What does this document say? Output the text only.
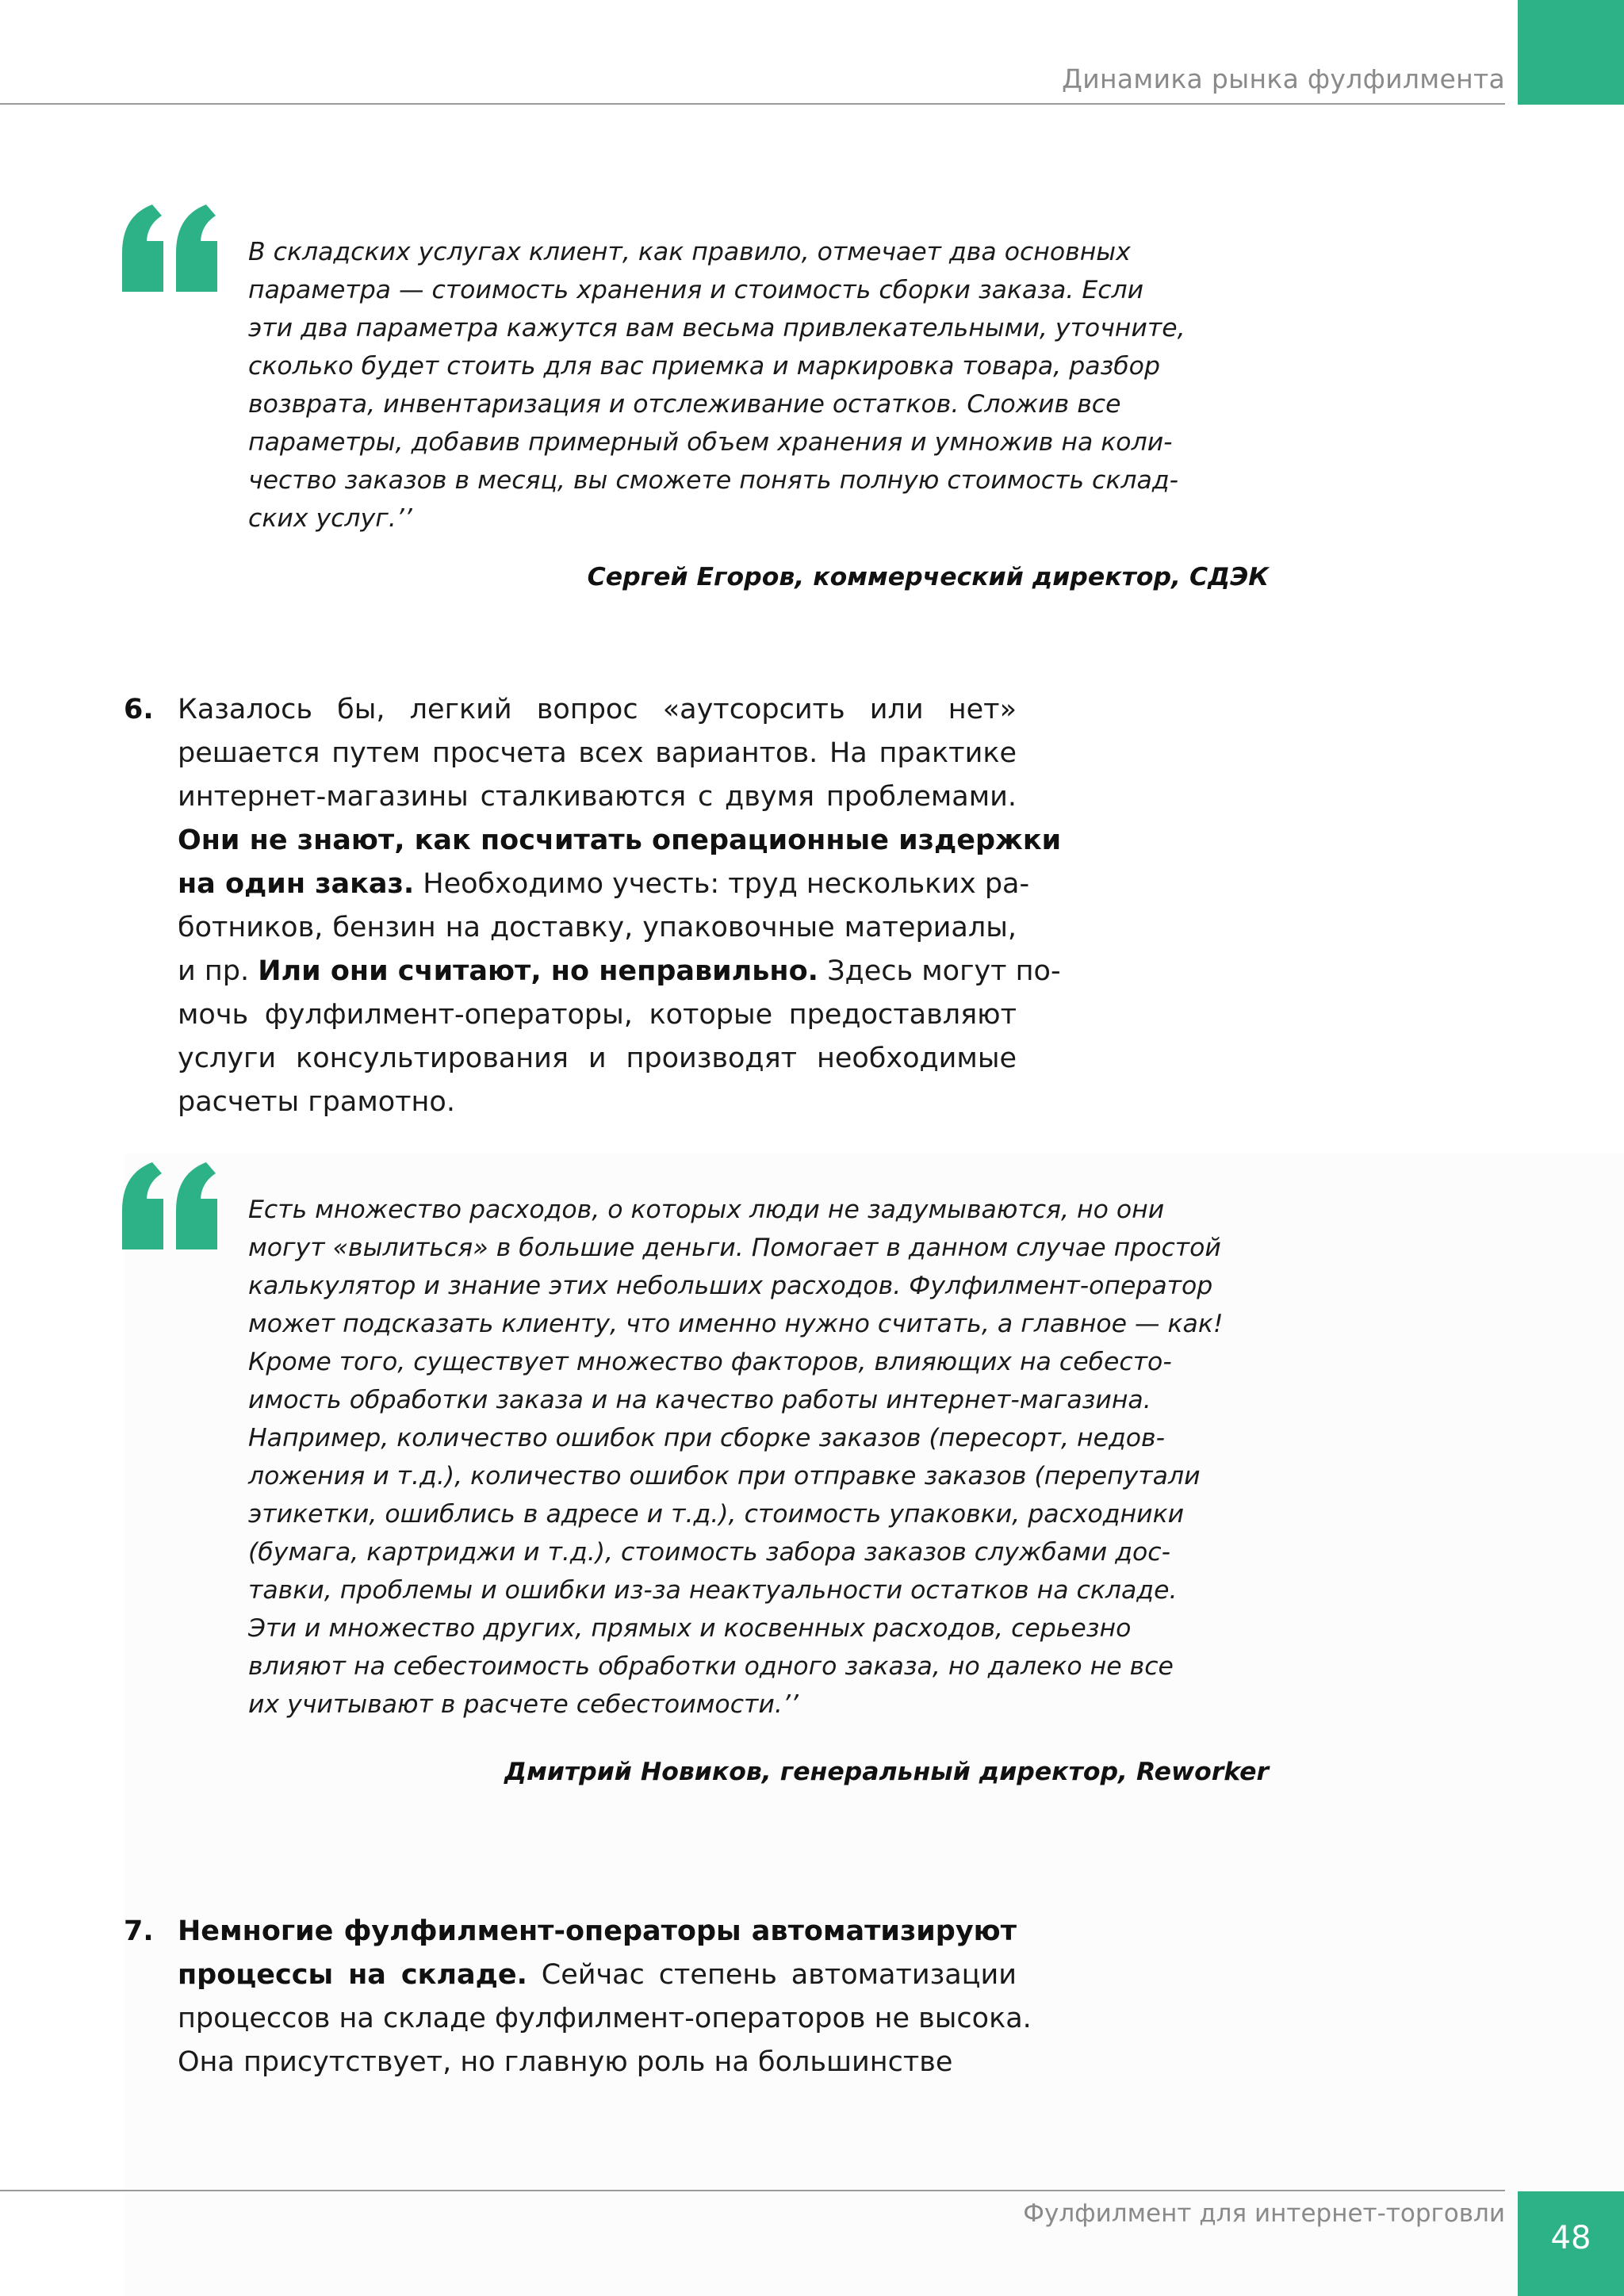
Динамика рынка фулфилмента
В складских услугах клиент, как правило, отмечает два основных
параметра — стоимость хранения и стоимость сборки заказа. Если
эти два параметра кажутся вам весьма привлекательными, уточните,
сколько будет стоить для вас приемка и маркировка товара, разбор
возврата, инвентаризация и отслеживание остатков. Сложив все
параметры, добавив примерный объем хранения и умножив на коли-
чество заказов в месяц, вы сможете понять полную стоимость склад-
ских услуг.’’
Сергей Егоров, коммерческий директор, СДЭК
6. Казалось бы, легкий вопрос «аутсорсить или нет»
решается путем просчета всех вариантов. На практике
интернет-магазины сталкиваются с двумя проблемами.
Они не знают, как посчитать операционные издержки
на один заказ. Необходимо учесть: труд нескольких ра-
ботников, бензин на доставку, упаковочные материалы,
и пр. Или они считают, но неправильно. Здесь могут по-
мочь фулфилмент-операторы, которые предоставляют
услуги консультирования и производят необходимые
расчеты грамотно.
Есть множество расходов, о которых люди не задумываются, но они
могут «вылиться» в большие деньги. Помогает в данном случае простой
калькулятор и знание этих небольших расходов. Фулфилмент-оператор
может подсказать клиенту, что именно нужно считать, а главное — как!
Кроме того, существует множество факторов, влияющих на себесто-
имость обработки заказа и на качество работы интернет-магазина.
Например, количество ошибок при сборке заказов (пересорт, недов-
ложения и т.д.), количество ошибок при отправке заказов (перепутали
этикетки, ошиблись в адресе и т.д.), стоимость упаковки, расходники
(бумага, картриджи и т.д.), стоимость забора заказов службами дос-
тавки, проблемы и ошибки из-за неактуальности остатков на складе.
Эти и множество других, прямых и косвенных расходов, серьезно
влияют на себестоимость обработки одного заказа, но далеко не все
их учитывают в расчете себестоимости.’’
Дмитрий Новиков, генеральный директор, Reworker
7. Немногие фулфилмент-операторы автоматизируют
процессы на складе. Сейчас степень автоматизации
процессов на складе фулфилмент-операторов не высока.
Она присутствует, но главную роль на большинстве
Фулфилмент для интернет-торговли
48
